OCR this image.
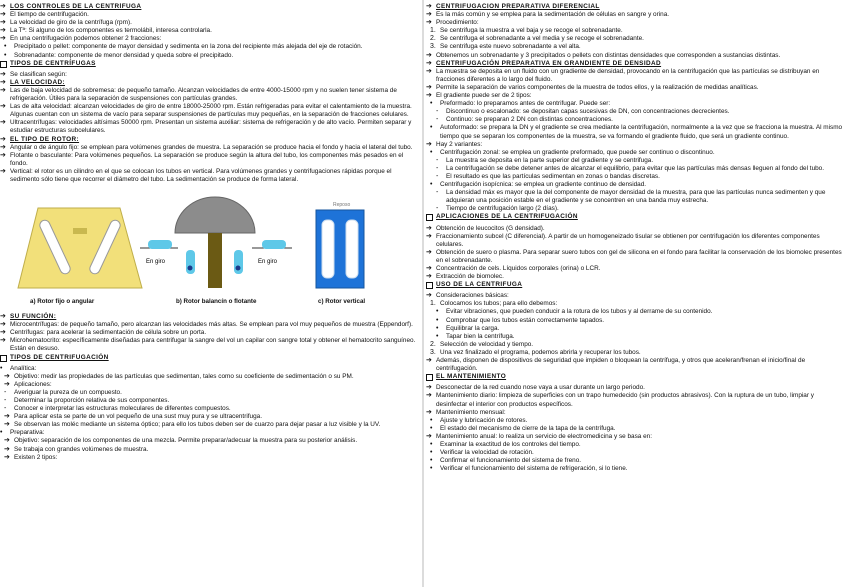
➔ LOS CONTROLES DE LA CENTRÍFUGA
➔ El tiempo de centrifugación.
➔ La velocidad de giro de la centrífuga (rpm).
➔ La Tª: Si alguno de los componentes es termolábil, interesa controlarla.
➔ En una centrifugación podemos obtener 2 fracciones:
•	Precipitado o pellet: componente de mayor densidad y sedimenta en la zona del recipiente más alejada del eje de rotación.
•	Sobrenadante: componente de menor densidad y queda sobre el precipitado.
TIPOS DE CENTRÍFUGAS
➔ Se clasifican según:
➔ LA VELOCIDAD:
➔ Las de baja velocidad de sobremesa: de pequeño tamaño. Alcanzan velocidades de entre 4000-15000 rpm y no suelen tener sistema de refrigeración. Útiles para la separación de suspensiones con partículas grandes.
➔ Las de alta velocidad: alcanzan velocidades de giro de entre 18000-25000 rpm. Están refrigeradas para evitar el calentamiento de la muestra. Algunas cuentan con un sistema de vacío para separar suspensiones de partículas muy pequeñas, en la separación de fracciones celulares.
➔ Ultracentrífugas: velocidades altísimas 50000 rpm. Presentan un sistema auxiliar: sistema de refrigeración y de alto vacío. Permiten separar y estudiar estructuras subcelulares.
➔ EL TIPO DE ROTOR:
➔ Angular o de ángulo fijo: se emplean para volúmenes grandes de muestra. La separación se produce hacia el fondo y hacia el lateral del tubo.
➔ Flotante o basculante: Para volúmenes pequeños. La separación se produce según la altura del tubo, los componentes más pesados en el fondo.
➔ Vertical: el rotor es un cilindro en el que se colocan los tubos en vertical. Para volúmenes grandes y centrifugaciones rápidas porque el sedimento sólo tiene que recorrer el diámetro del tubo. La sedimentación se produce de forma lateral.
En giro	En giro
Reposo
a) Rotor fijo o angular	b) Rotor balancín o flotante	c) Rotor vertical
➔ SU FUNCIÓN:
➔ Microcentrífugas: de pequeño tamaño, pero alcanzan las velocidades más altas. Se emplean para vol muy pequeños de muestra (Eppendorf).
➔ Centrífugas: para acelerar la sedimentación de célula sobre un porta.
➔ Microhematocrito: específicamente diseñadas para centrifugar la sangre del vol un capilar con sangre total y obtener el hematocrito sanguíneo. Están en desuso.
TIPOS DE CENTRIFUGACIÓN
•	Analítica:
➔ Objetivo: medir las propiedades de las partículas que sedimentan, tales como su coeficiente de sedimentación o su PM.
➔ Aplicaciones:
-	Averiguar la pureza de un compuesto.
-	Determinar la proporción relativa de sus componentes.
-	Conocer e interpretar las estructuras moleculares de diferentes compuestos.
➔ Para aplicar esta se parte de un vol pequeño de una sust muy pura y se ultracentrifuga.
➔ Se observan las moléc mediante un sistema óptico; para ello los tubos deben ser de cuarzo para dejar pasar a luz visible y la UV.
•	Preparativa:
➔ Objetivo: separación de los componentes de una mezcla. Permite preparar/adecuar la muestra para su posterior análisis.
➔ Se trabaja con grandes volúmenes de muestra.
➔ Existen 2 tipos:
➔ CENTRIFUGACIÓN PREPARATIVA DIFERENCIAL
➔ Es la más común y se emplea para la sedimentación de células en sangre y orina.
➔ Procedimiento:
1. Se centrifuga la muestra a vel baja y se recoge el sobrenadante.
2. Se centrifuga el sobrenadante a vel media y se recoge el sobrenadante.
3. Se centrifuga este nuevo sobrenadante a vel alta.
➔ Obtenemos un sobrenadante y 3 precipitados o pellets con distintas densidades que corresponden a sustancias distintas.
➔ CENTRIFUGACIÓN PREPARATIVA EN GRANDIENTE DE DENSIDAD
➔ La muestra se deposita en un fluido con un gradiente de densidad, provocando en la centrifugación que las partículas se distribuyan en fracciones diferentes a lo largo del fluido.
➔ Permite la separación de varios componentes de la muestra de todos ellos, y la realización de medidas analíticas.
➔ El gradiente puede ser de 2 tipos:
•	Preformado: lo preparamos antes de centrifugar. Puede ser:
-	Discontinuo o escalonado: se depositan capas sucesivas de DN, con concentraciones decrecientes.
-	Continuo: se preparan 2 DN con distintas concentraciones.
•	Autoformado: se prepara la DN y el gradiente se crea mediante la centrifugación, normalmente a la vez que se fracciona la muestra. Al mismo tiempo que se separan los componentes de la muestra, se va formando el gradiente fluido, que será un gradiente continuo.
➔ Hay 2 variantes:
•	Centrifugación zonal: se emplea un gradiente preformado, que puede ser continuo o discontinuo.
-	La muestra se deposita en la parte superior del gradiente y se centrifuga.
-	La centrifugación se debe detener antes de alcanzar el equilibrio, para evitar que las partículas más densas lleguen al fondo del tubo.
-	El resultado es que las partículas sedimentan en zonas o bandas discretas.
•	Centrifugación isopícnica: se emplea un gradiente continuo de densidad.
-	La densidad máx es mayor que la del componente de mayor densidad de la muestra, para que las partículas nunca sedimenten y que adquieran una posición estable en el gradiente y se concentren en una banda muy estrecha.
-	Tiempo de centrifugación largo (2 días).
APLICACIONES DE LA CENTRIFUGACIÓN
➔ Obtención de leucocitos (G densidad).
➔ Fraccionamiento subcel (C diferencial). A partir de un homogeneizado tisular se obtienen por centrifugación los diferentes componentes celulares.
➔ Obtención de suero o plasma. Para separar suero tubos con gel de silicona en el fondo para facilitar la conservación de los biomolec presentes en el sobrenadante.
➔ Concentración de cels. Líquidos corporales (orina) o LCR.
➔ Extracción de biomolec.
USO DE LA CENTRIFUGA
➔ Consideraciones básicas:
1. Colocamos los tubos; para ello debemos:
•	Evitar vibraciones, que pueden conducir a la rotura de los tubos y al derrame de su contenido.
•	Comprobar que los tubos están correctamente tapados.
•	Equilibrar la carga.
•	Tapar bien la centrífuga.
2. Selección de velocidad y tiempo.
3. Una vez finalizado el programa, podemos abrirla y recuperar los tubos.
➔ Además, disponen de dispositivos de seguridad que impiden o bloquean la centrífuga, y otros que aceleran/frenan el inicio/final de centrifugación.
EL MANTENIMIENTO
➔ Desconectar de la red cuando nose vaya a usar durante un largo periodo.
➔ Mantenimiento diario: limpieza de superficies con un trapo humedecido (sin productos abrasivos). Con la ruptura de un tubo, limpiar y desinfectar el interior con productos específicos.
➔ Mantenimiento mensual:
•	Ajuste y lubricación de rotores.
•	El estado del mecanismo de cierre de la tapa de la centrífuga.
➔ Mantenimiento anual: lo realiza un servicio de electromedicina y se basa en:
•	Examinar la exactitud de los controles del tiempo.
•	Verificar la velocidad de rotación.
•	Confirmar el funcionamiento del sistema de freno.
•	Verificar el funcionamiento del sistema de refrigeración, si lo tiene.
